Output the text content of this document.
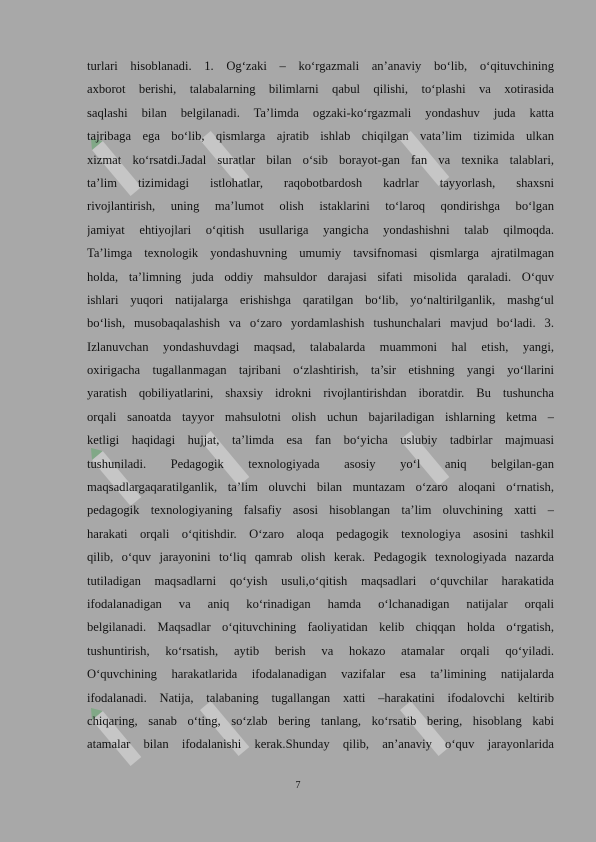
turlari hisoblanadi. 1. Og‘zaki – ko‘rgazmali an’anaviy bo‘lib, o‘qituvchining
axborot berishi, talabalarning bilimlarni qabul qilishi, to‘plashi va xotirasida
saqlashi bilan belgilanadi. Ta’limda ogzaki-ko‘rgazmali yondashuv juda katta
tajribaga ega bo‘lib, qismlarga ajratib ishlab chiqilgan vata’lim tizimida ulkan
xizmat ko‘rsatdi.Jadal suratlar bilan o‘sib borayot-gan fan va texnika talablari,
ta’lim tizimidagi istlohatlar, raqobotbardosh kadrlar tayyorlash, shaxsni
rivojlantirish, uning ma’lumot olish istaklarini to‘laroq qondirishga bo‘lgan
jamiyat ehtiyojlari o‘qitish usullariga yangicha yondashishni talab qilmoqda.
Ta’limga texnologik yondashuvning umumiy tavsifnomasi qismlarga ajratilmagan
holda, ta’limning juda oddiy mahsuldor darajasi sifati misolida qaraladi. O‘quv
ishlari yuqori natijalarga erishishga qaratilgan bo‘lib, yo‘naltirilganlik, mashg‘ul
bo‘lish, musobaqalashish va o‘zaro yordamlashish tushunchalari mavjud bo‘ladi. 3.
Izlanuvchan yondashuvdagi maqsad, talabalarda muammoni hal etish, yangi,
oxirigacha tugallanmagan tajribani o‘zlashtirish, ta’sir etishning yangi yo‘llarini
yaratish qobiliyatlarini, shaxsiy idrokni rivojlantirishdan iboratdir. Bu tushuncha
orqali sanoatda tayyor mahsulotni olish uchun bajariladigan ishlarning ketma –
ketligi haqidagi hujjat, ta’limda esa fan bo‘yicha uslubiy tadbirlar majmuasi
tushuniladi. Pedagogik texnologiyada asosiy yo‘l aniq belgilan-gan
maqsadlargaqaratilganlik, ta’lim oluvchi bilan muntazam o‘zaro aloqani o‘rnatish,
pedagogik texnologiyaning falsafiy asosi hisoblangan ta’lim oluvchining xatti –
harakati orqali o‘qitishdir. O‘zaro aloqa pedagogik texnologiya asosini tashkil
qilib, o‘quv jarayonini to‘liq qamrab olish kerak. Pedagogik texnologiyada nazarda
tutiladigan maqsadlarni qo‘yish usuli,o‘qitish maqsadlari o‘quvchilar harakatida
ifodalanadigan va aniq ko‘rinadigan hamda o‘lchanadigan natijalar orqali
belgilanadi. Maqsadlar o‘qituvchining faoliyatidan kelib chiqqan holda o‘rgatish,
tushuntirish, ko‘rsatish, aytib berish va hokazo atamalar orqali qo‘yiladi.
O‘quvchining harakatlarida ifodalanadigan vazifalar esa ta’limining natijalarda
ifodalanadi. Natija, talabaning tugallangan xatti –harakatini ifodalovchi keltirib
chiqaring, sanab o‘ting, so‘zlab bering tanlang, ko‘rsatib bering, hisoblang kabi
atamalar bilan ifodalanishi kerak.Shunday qilib, an’anaviy o‘quv jarayonlarida
7
